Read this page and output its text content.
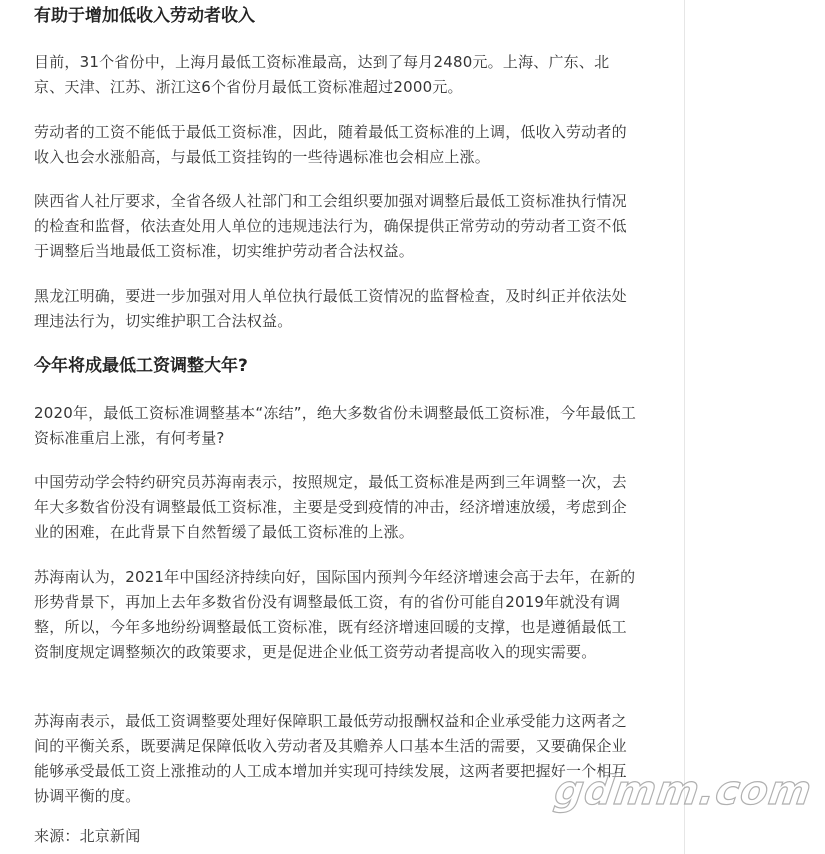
有助于增加低收入劳动者收入

目前，31个省份中，上海月最低工资标准最高，达到了每月2480元。上海、广东、北京、天津、江苏、浙江这6个省份月最低工资标准超过2000元。

劳动者的工资不能低于最低工资标准，因此，随着最低工资标准的上调，低收入劳动者的收入也会水涨船高，与最低工资挂钩的一些待遇标准也会相应上涨。

陕西省人社厅要求，全省各级人社部门和工会组织要加强对调整后最低工资标准执行情况的检查和监督，依法查处用人单位的违规违法行为，确保提供正常劳动的劳动者工资不低于调整后当地最低工资标准，切实维护劳动者合法权益。

黑龙江明确，要进一步加强对用人单位执行最低工资情况的监督检查，及时纠正并依法处理违法行为，切实维护职工合法权益。

今年将成最低工资调整大年?

2020年，最低工资标准调整基本“冻结”，绝大多数省份未调整最低工资标准，今年最低工资标准重启上涨，有何考量?

中国劳动学会特约研究员苏海南表示，按照规定，最低工资标准是两到三年调整一次，去年大多数省份没有调整最低工资标准，主要是受到疫情的冲击，经济增速放缓，考虑到企业的困难，在此背景下自然暂缓了最低工资标准的上涨。

苏海南认为，2021年中国经济持续向好，国际国内预判今年经济增速会高于去年，在新的形势背景下，再加上去年多数省份没有调整最低工资，有的省份可能自2019年就没有调整，所以，今年多地纷纷调整最低工资标准，既有经济增速回暖的支撑，也是遵循最低工资制度规定调整频次的政策要求，更是促进企业低工资劳动者提高收入的现实需要。

苏海南表示，最低工资调整要处理好保障职工最低劳动报酬权益和企业承受能力这两者之间的平衡关系，既要满足保障低收入劳动者及其赡养人口基本生活的需要，又要确保企业能够承受最低工资上涨推动的人工成本增加并实现可持续发展，这两者要把握好一个相互协调平衡的度。

来源：北京新闻

gdmm.com
